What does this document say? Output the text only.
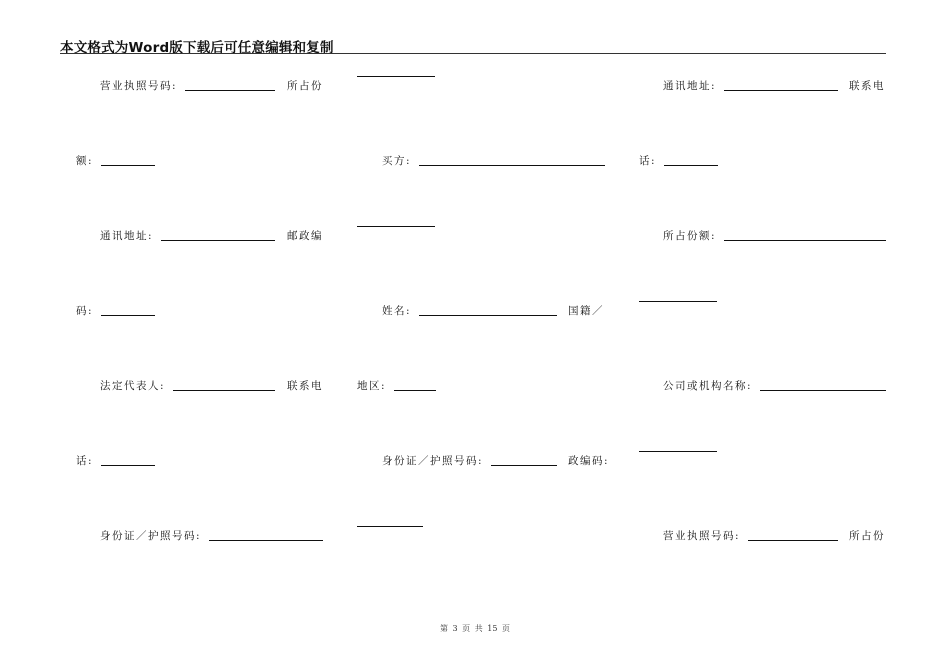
本文格式为Word版下载后可任意编辑和复制
营业执照号码:	所占份	通讯地址:	联系电
额:	买方:	话:
通讯地址:	邮政编	所占份额:
码:	姓名:	国籍／
法定代表人:	联系电	地区:	公司或机构名称:
话:	身份证／护照号码:	政编码:
身份证／护照号码:	营业执照号码:	所占份
第 3 页 共 15 页
